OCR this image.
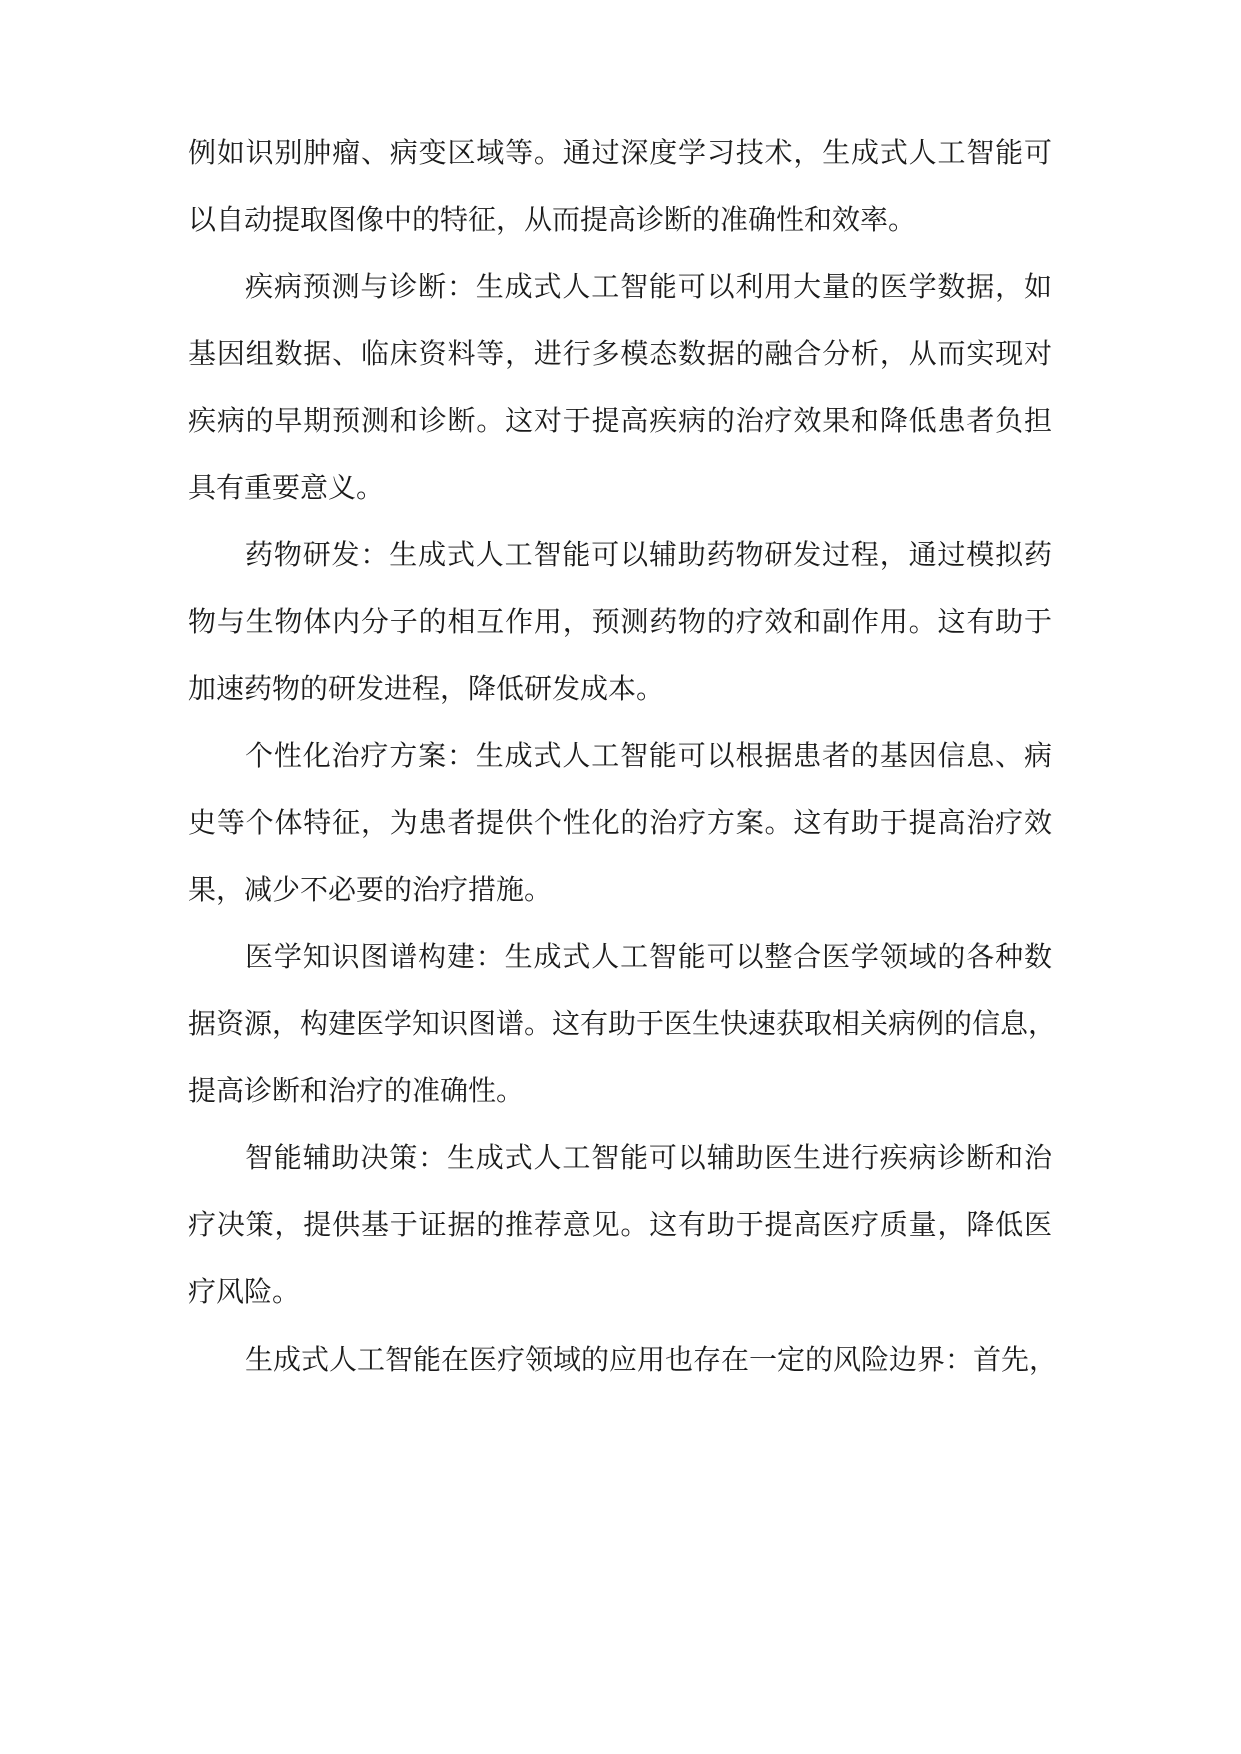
例如识别肿瘤、病变区域等。通过深度学习技术，生成式人工智能可
以自动提取图像中的特征，从而提高诊断的准确性和效率。
疾病预测与诊断：生成式人工智能可以利用大量的医学数据，如
基因组数据、临床资料等，进行多模态数据的融合分析，从而实现对
疾病的早期预测和诊断。这对于提高疾病的治疗效果和降低患者负担
具有重要意义。
药物研发：生成式人工智能可以辅助药物研发过程，通过模拟药
物与生物体内分子的相互作用，预测药物的疗效和副作用。这有助于
加速药物的研发进程，降低研发成本。
个性化治疗方案：生成式人工智能可以根据患者的基因信息、病
史等个体特征，为患者提供个性化的治疗方案。这有助于提高治疗效
果，减少不必要的治疗措施。
医学知识图谱构建：生成式人工智能可以整合医学领域的各种数
据资源，构建医学知识图谱。这有助于医生快速获取相关病例的信息，
提高诊断和治疗的准确性。
智能辅助决策：生成式人工智能可以辅助医生进行疾病诊断和治
疗决策，提供基于证据的推荐意见。这有助于提高医疗质量，降低医
疗风险。
生成式人工智能在医疗领域的应用也存在一定的风险边界：首先，
